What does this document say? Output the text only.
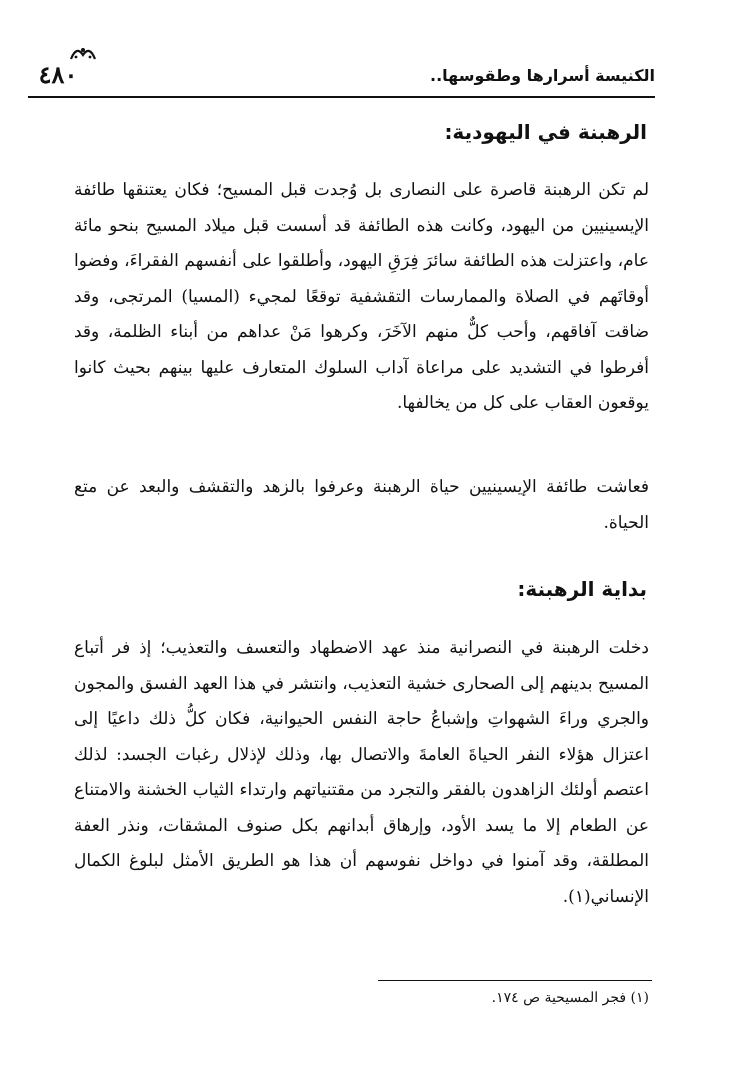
الكنيسة أسرارها وطقوسها..
٤٨٠
الرهبنة في اليهودية:

لم تكن الرهبنة قاصرة على النصارى بل وُجدت قبل المسيح؛ فكان يعتنقها طائفة الإيسينيين من اليهود، وكانت هذه الطائفة قد أسست قبل ميلاد المسيح بنحو مائة عام، واعتزلت هذه الطائفة سائرَ فِرَقِ اليهود، وأطلقوا على أنفسهم الفقراءَ، وفضوا أوقاتَهم في الصلاة والممارسات التقشفية توقعًا لمجيء (المسيا) المرتجى، وقد ضاقت آفاقهم، وأحب كلٌّ منهم الآخَرَ، وكرهوا مَنْ عداهم من أبناء الظلمة، وقد أفرطوا في التشديد على مراعاة آداب السلوك المتعارف عليها بينهم بحيث كانوا يوقعون العقاب على كل من يخالفها.

فعاشت طائفة الإيسينيين حياة الرهبنة وعرفوا بالزهد والتقشف والبعد عن متع الحياة.

بداية الرهبنة:

دخلت الرهبنة في النصرانية منذ عهد الاضطهاد والتعسف والتعذيب؛ إذ فر أتباع المسيح بدينهم إلى الصحارى خشية التعذيب، وانتشر في هذا العهد الفسق والمجون والجري وراءَ الشهواتِ وإشباعُ حاجة النفس الحيوانية، فكان كلُّ ذلك داعيًا إلى اعتزال هؤلاء النفر الحياةَ العامةَ والاتصال بها، وذلك لإذلال رغبات الجسد: لذلك اعتصم أولئك الزاهدون بالفقر والتجرد من مقتنياتهم وارتداء الثياب الخشنة والامتناع عن الطعام إلا ما يسد الأود، وإرهاق أبدانهم بكل صنوف المشقات، ونذر العفة المطلقة، وقد آمنوا في دواخل نفوسهم أن هذا هو الطريق الأمثل لبلوغ الكمال الإنساني(١).

(١) فجر المسيحية ص ١٧٤.
